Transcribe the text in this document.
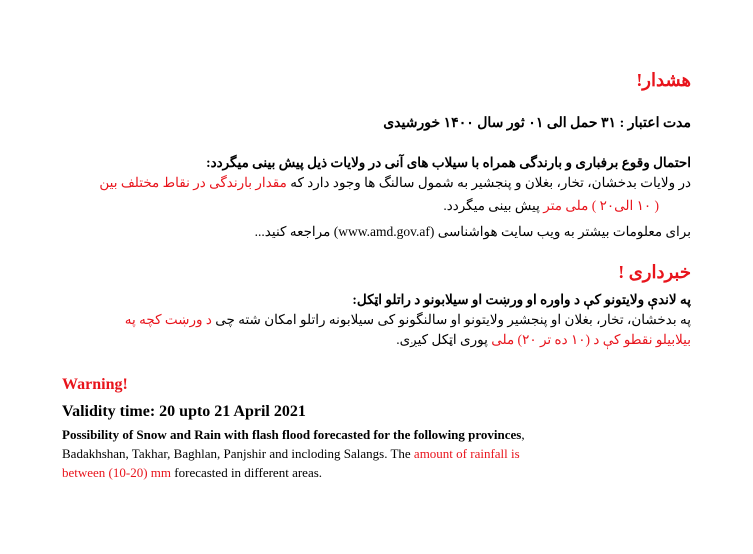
هشدار!
مدت اعتبار : ۳۱ حمل الی ۰۱ ثور سال ۱۴۰۰ خورشیدی
احتمال وقوع برفباری و بارندگی همراه با سیلاب های آنی در ولایات ذیل پیش بینی میگردد:
در ولایات بدخشان، تخار، بغلان و پنجشیر به شمول سالنگ ها وجود دارد که مقدار بارندگی در نقاط مختلف بین
( ۱۰ الی۲۰ ) ملی متر پیش بینی میگردد.
برای معلومات بیشتر به ویب سایت هواشناسی (www.amd.gov.af) مراجعه کنید...
خبرداری !
په لاندې ولایتونو کې د واوره او ورښت او سیلابونو د راتلو اټکل:
په بدخشان، تخار، بغلان او پنجشیر ولایتونو او سالنگونو کی سیلابونه راتلو امکان شته چی د ورښت کچه په
بیلابیلو نقطو کې د (۱۰ ده تر ۲۰) ملی پوری اټکل کیږی.
Warning!
Validity time: 20 upto 21 April 2021
Possibility of Snow and Rain with flash flood forecasted for the following provinces,
Badakhshan, Takhar, Baghlan, Panjshir and incloding Salangs. The amount of rainfall is
between (10-20) mm forecasted in different areas.
